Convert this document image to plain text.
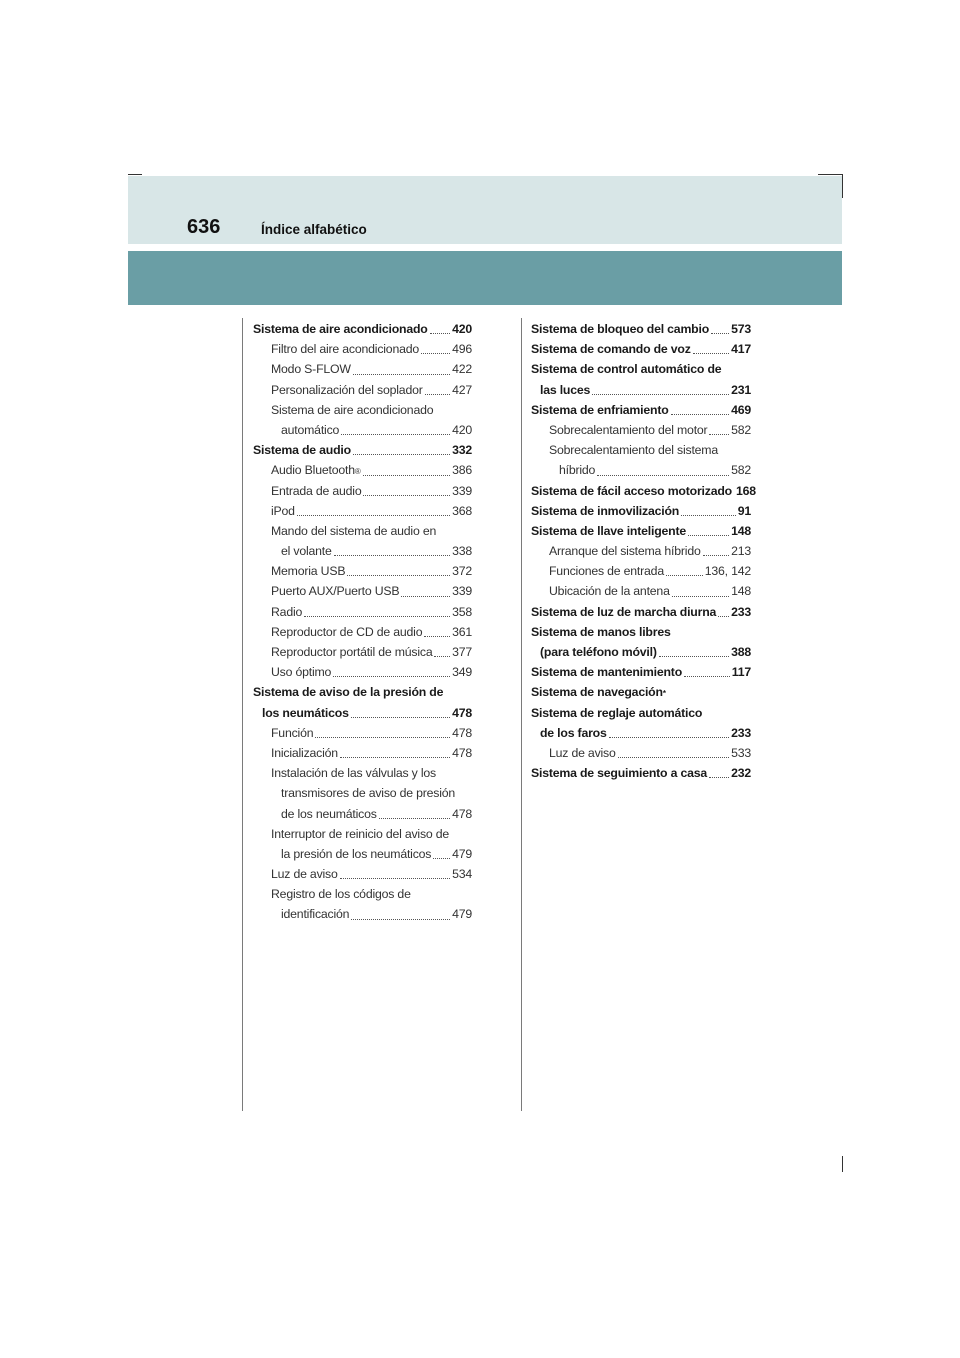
636	Índice alfabético
Sistema de aire acondicionado 420
Filtro del aire acondicionado	496
Modo S-FLOW	422
Personalización del soplador 427
Sistema de aire acondicionado
automático	420
Sistema de audio	332
Audio Bluetooth ®	386
Entrada de audio	339
iPod	368
Mando del sistema de audio en
el volante	338
Memoria USB	372
Puerto AUX/Puerto USB	339
Radio	358
Reproductor de CD de audio 361
Reproductor portátil de música 377
Uso óptimo	349
Sistema de aviso de la presión de
los neumáticos	478
Función	478
Inicialización	478
Instalación de las válvulas y los
transmisores de aviso de presión
de los neumáticos	478
Interruptor de reinicio del aviso de
la presión de los neumáticos 479
Luz de aviso	534
Registro de los códigos de
identificación	479
Sistema de bloqueo del cambio 573
Sistema de comando de voz	417
Sistema de control automático de
las luces	231
Sistema de enfriamiento	469
Sobrecalentamiento del motor 582
Sobrecalentamiento del sistema
híbrido	582
Sistema de fácil acceso motorizado 168
Sistema de inmovilización	91
Sistema de llave inteligente	148
Arranque del sistema híbrido 213
Funciones de entrada	136, 142
Ubicación de la antena	148
Sistema de luz de marcha diurna 233
Sistema de manos libres
(para teléfono móvil)	388
Sistema de mantenimiento	117
Sistema de navegación *
Sistema de reglaje automático
de los faros	233
Luz de aviso	533
Sistema de seguimiento a casa 232
